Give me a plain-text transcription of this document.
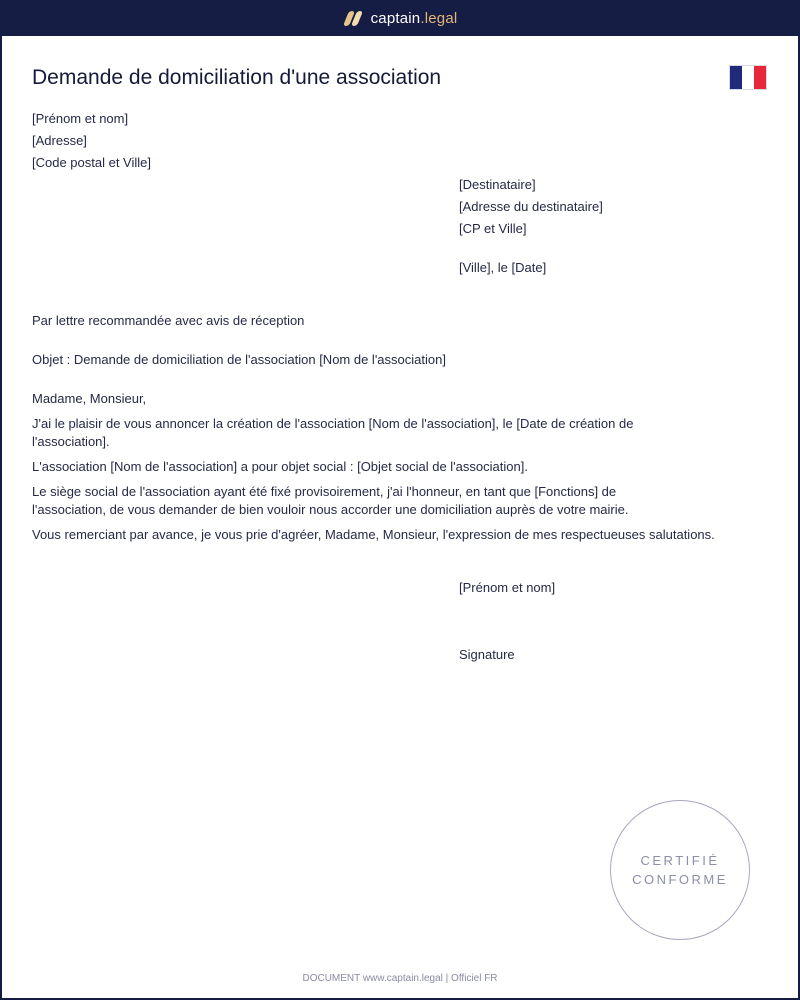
captain.legal
Demande de domiciliation d'une association
[Prénom et nom]
[Adresse]
[Code postal et Ville]
[Destinataire]
[Adresse du destinataire]
[CP et Ville]
[Ville], le [Date]
Par lettre recommandée avec avis de réception
Objet : Demande de domiciliation de l'association [Nom de l'association]
Madame, Monsieur,
J'ai le plaisir de vous annoncer la création de l'association [Nom de l'association], le [Date de création de l'association].
L'association [Nom de l'association] a pour objet social : [Objet social de l'association].
Le siège social de l'association ayant été fixé provisoirement, j'ai l'honneur, en tant que [Fonctions] de l'association, de vous demander de bien vouloir nous accorder une domiciliation auprès de votre mairie.
Vous remerciant par avance, je vous prie d'agréer, Madame, Monsieur, l'expression de mes respectueuses salutations.
[Prénom et nom]
Signature
CERTIFIÉ
CONFORME
DOCUMENT www.captain.legal | Officiel FR
